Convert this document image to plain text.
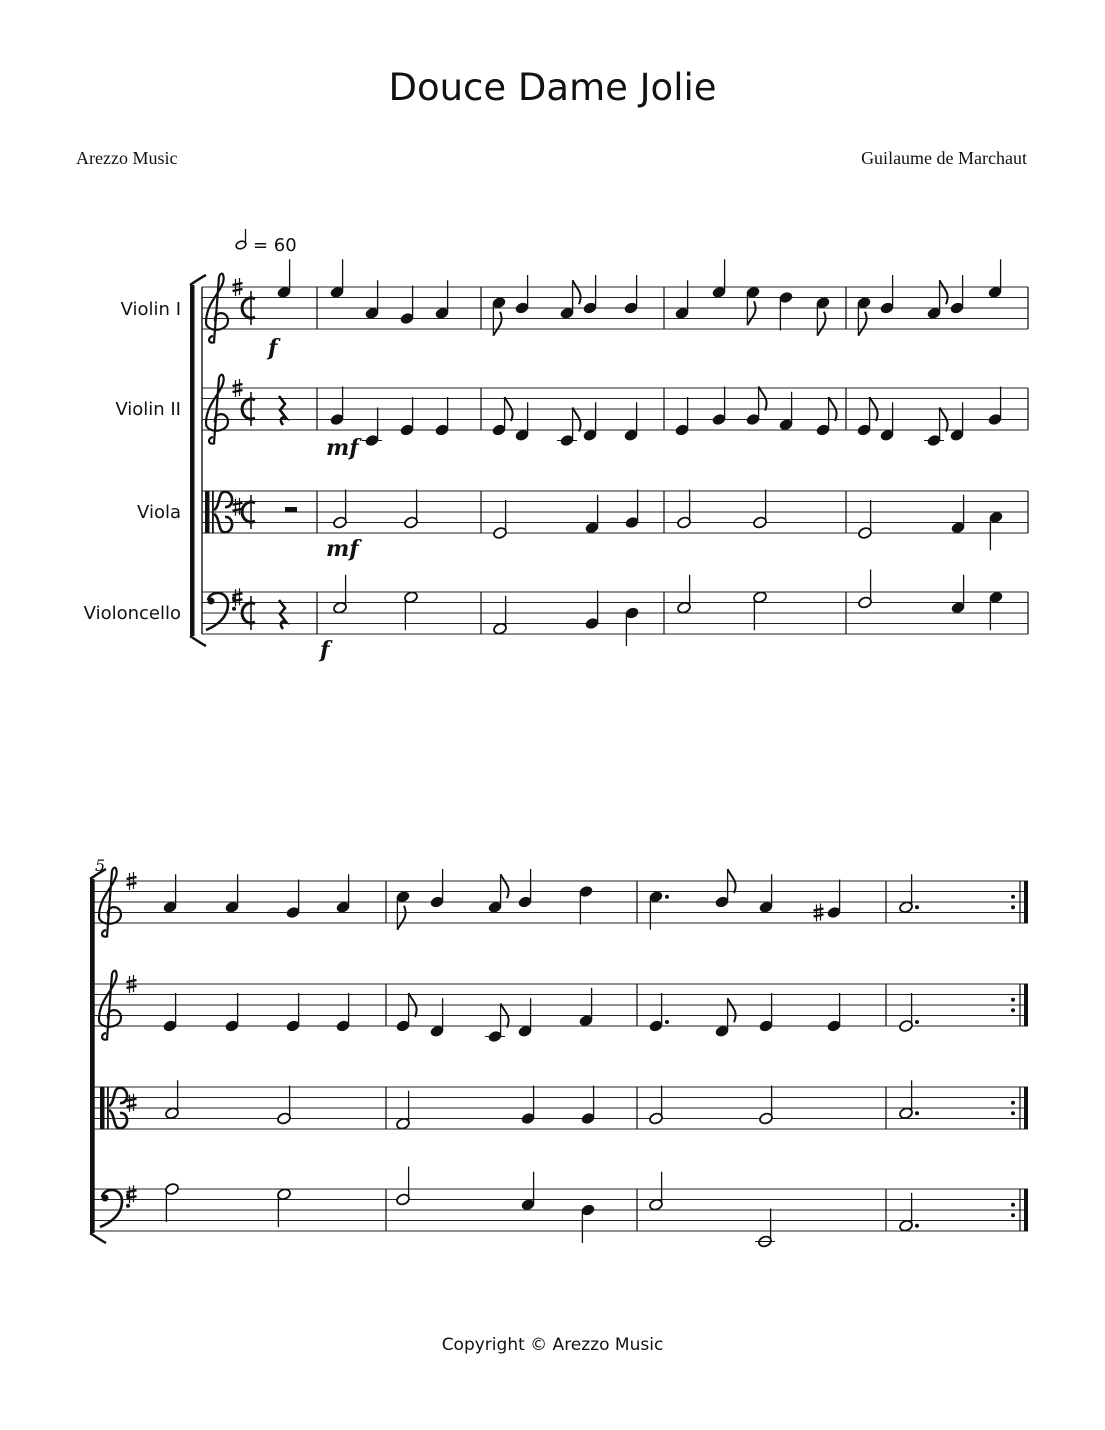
Douce Dame Jolie
Arezzo Music	Guilaume de Marchaut
= 60
Violin I
Violin II
Viola
Violoncello
5
f
mf
mf
f
Copyright © Arezzo Music
